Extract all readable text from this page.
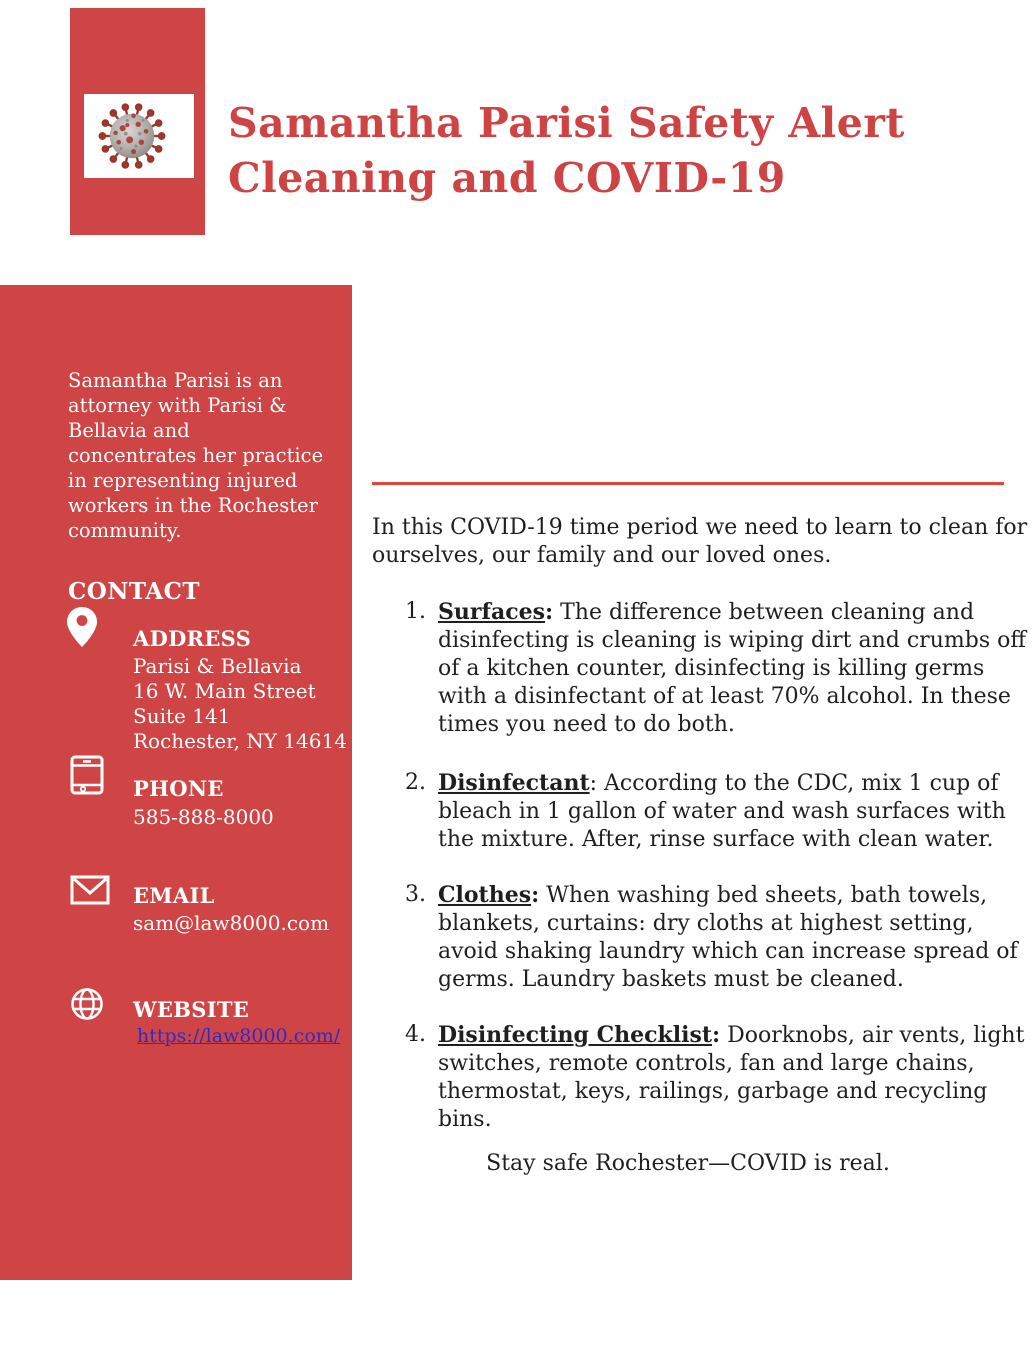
Samantha Parisi Safety Alert
Cleaning and COVID-19
Samantha Parisi is an attorney with Parisi & Bellavia and concentrates her practice in representing injured workers in the Rochester community.
CONTACT
ADDRESS
Parisi & Bellavia
16 W. Main Street
Suite 141
Rochester, NY 14614
PHONE
585-888-8000
EMAIL
sam@law8000.com
WEBSITE
https://law8000.com/
In this COVID-19 time period we need to learn to clean for ourselves, our family and our loved ones.
1. Surfaces: The difference between cleaning and disinfecting is cleaning is wiping dirt and crumbs off of a kitchen counter, disinfecting is killing germs with a disinfectant of at least 70% alcohol. In these times you need to do both.
2. Disinfectant: According to the CDC, mix 1 cup of bleach in 1 gallon of water and wash surfaces with the mixture. After, rinse surface with clean water.
3. Clothes: When washing bed sheets, bath towels, blankets, curtains: dry cloths at highest setting, avoid shaking laundry which can increase spread of germs. Laundry baskets must be cleaned.
4. Disinfecting Checklist: Doorknobs, air vents, light switches, remote controls, fan and large chains, thermostat, keys, railings, garbage and recycling bins.
Stay safe Rochester—COVID is real.
